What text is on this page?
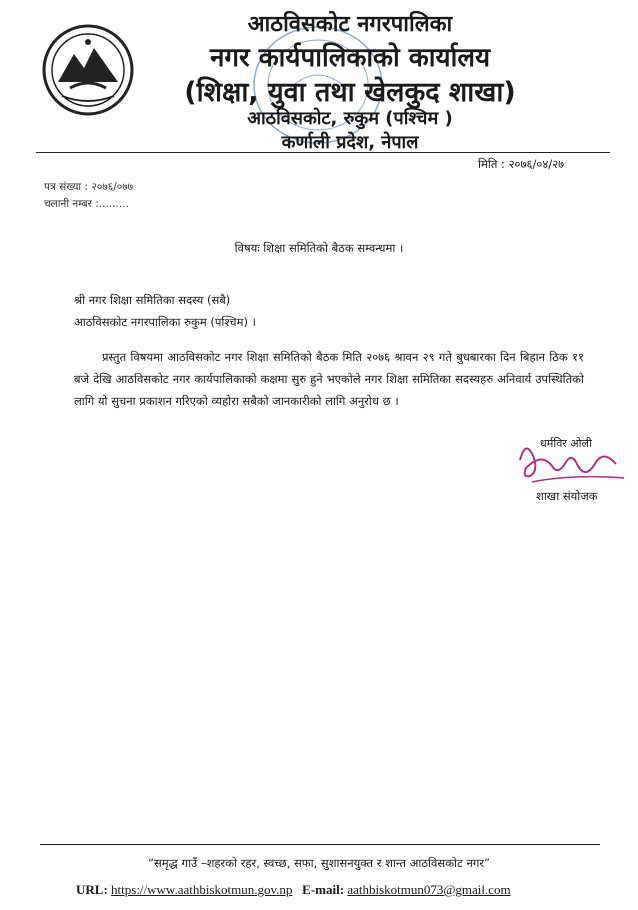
आठविसकोट नगरपालिका
नगर कार्यपालिकाको कार्यालय
(शिक्षा, युवा तथा खेलकुद शाखा)
आठविसकोट, रुकुम (पश्चिम )
कर्णाली प्रदेश, नेपाल
मिति : २०७६/०४/२७
पत्र संख्या : २०७६/०७७
चलानी नम्बर :.........
विषयः शिक्षा समितिको बैठक सम्वन्धमा ।
श्री नगर शिक्षा समितिका सदस्य (सबै)
आठविसकोट नगरपालिका रुकुम (पश्चिम) ।

प्रस्तुत विषयमा आठविसकोट नगर शिक्षा समितिको बैठक मिति २०७६ श्रावन २९ गते बुधबारका दिन बिहान ठिक ११ बजे देखि आठविसकोट नगर कार्यपालिकाको कक्षमा सुरु हुने भएकोले नगर शिक्षा समितिका सदस्यहरु अनिवार्य उपस्थितिको लागि यो सुचना प्रकाशन गरिएको व्यहोरा सबैको जानकारीको लागि अनुरोध छ ।

धर्मविर ओली
शाखा संयोजक
“समृद्ध गाउँ –शहरको रहर, स्वच्छ, सफा, सुशासनयुक्त र शान्त आठविसकोट नगर”
URL: https://www.aathbiskotmun.gov.np E-mail: aathbiskotmun073@gmail.com
